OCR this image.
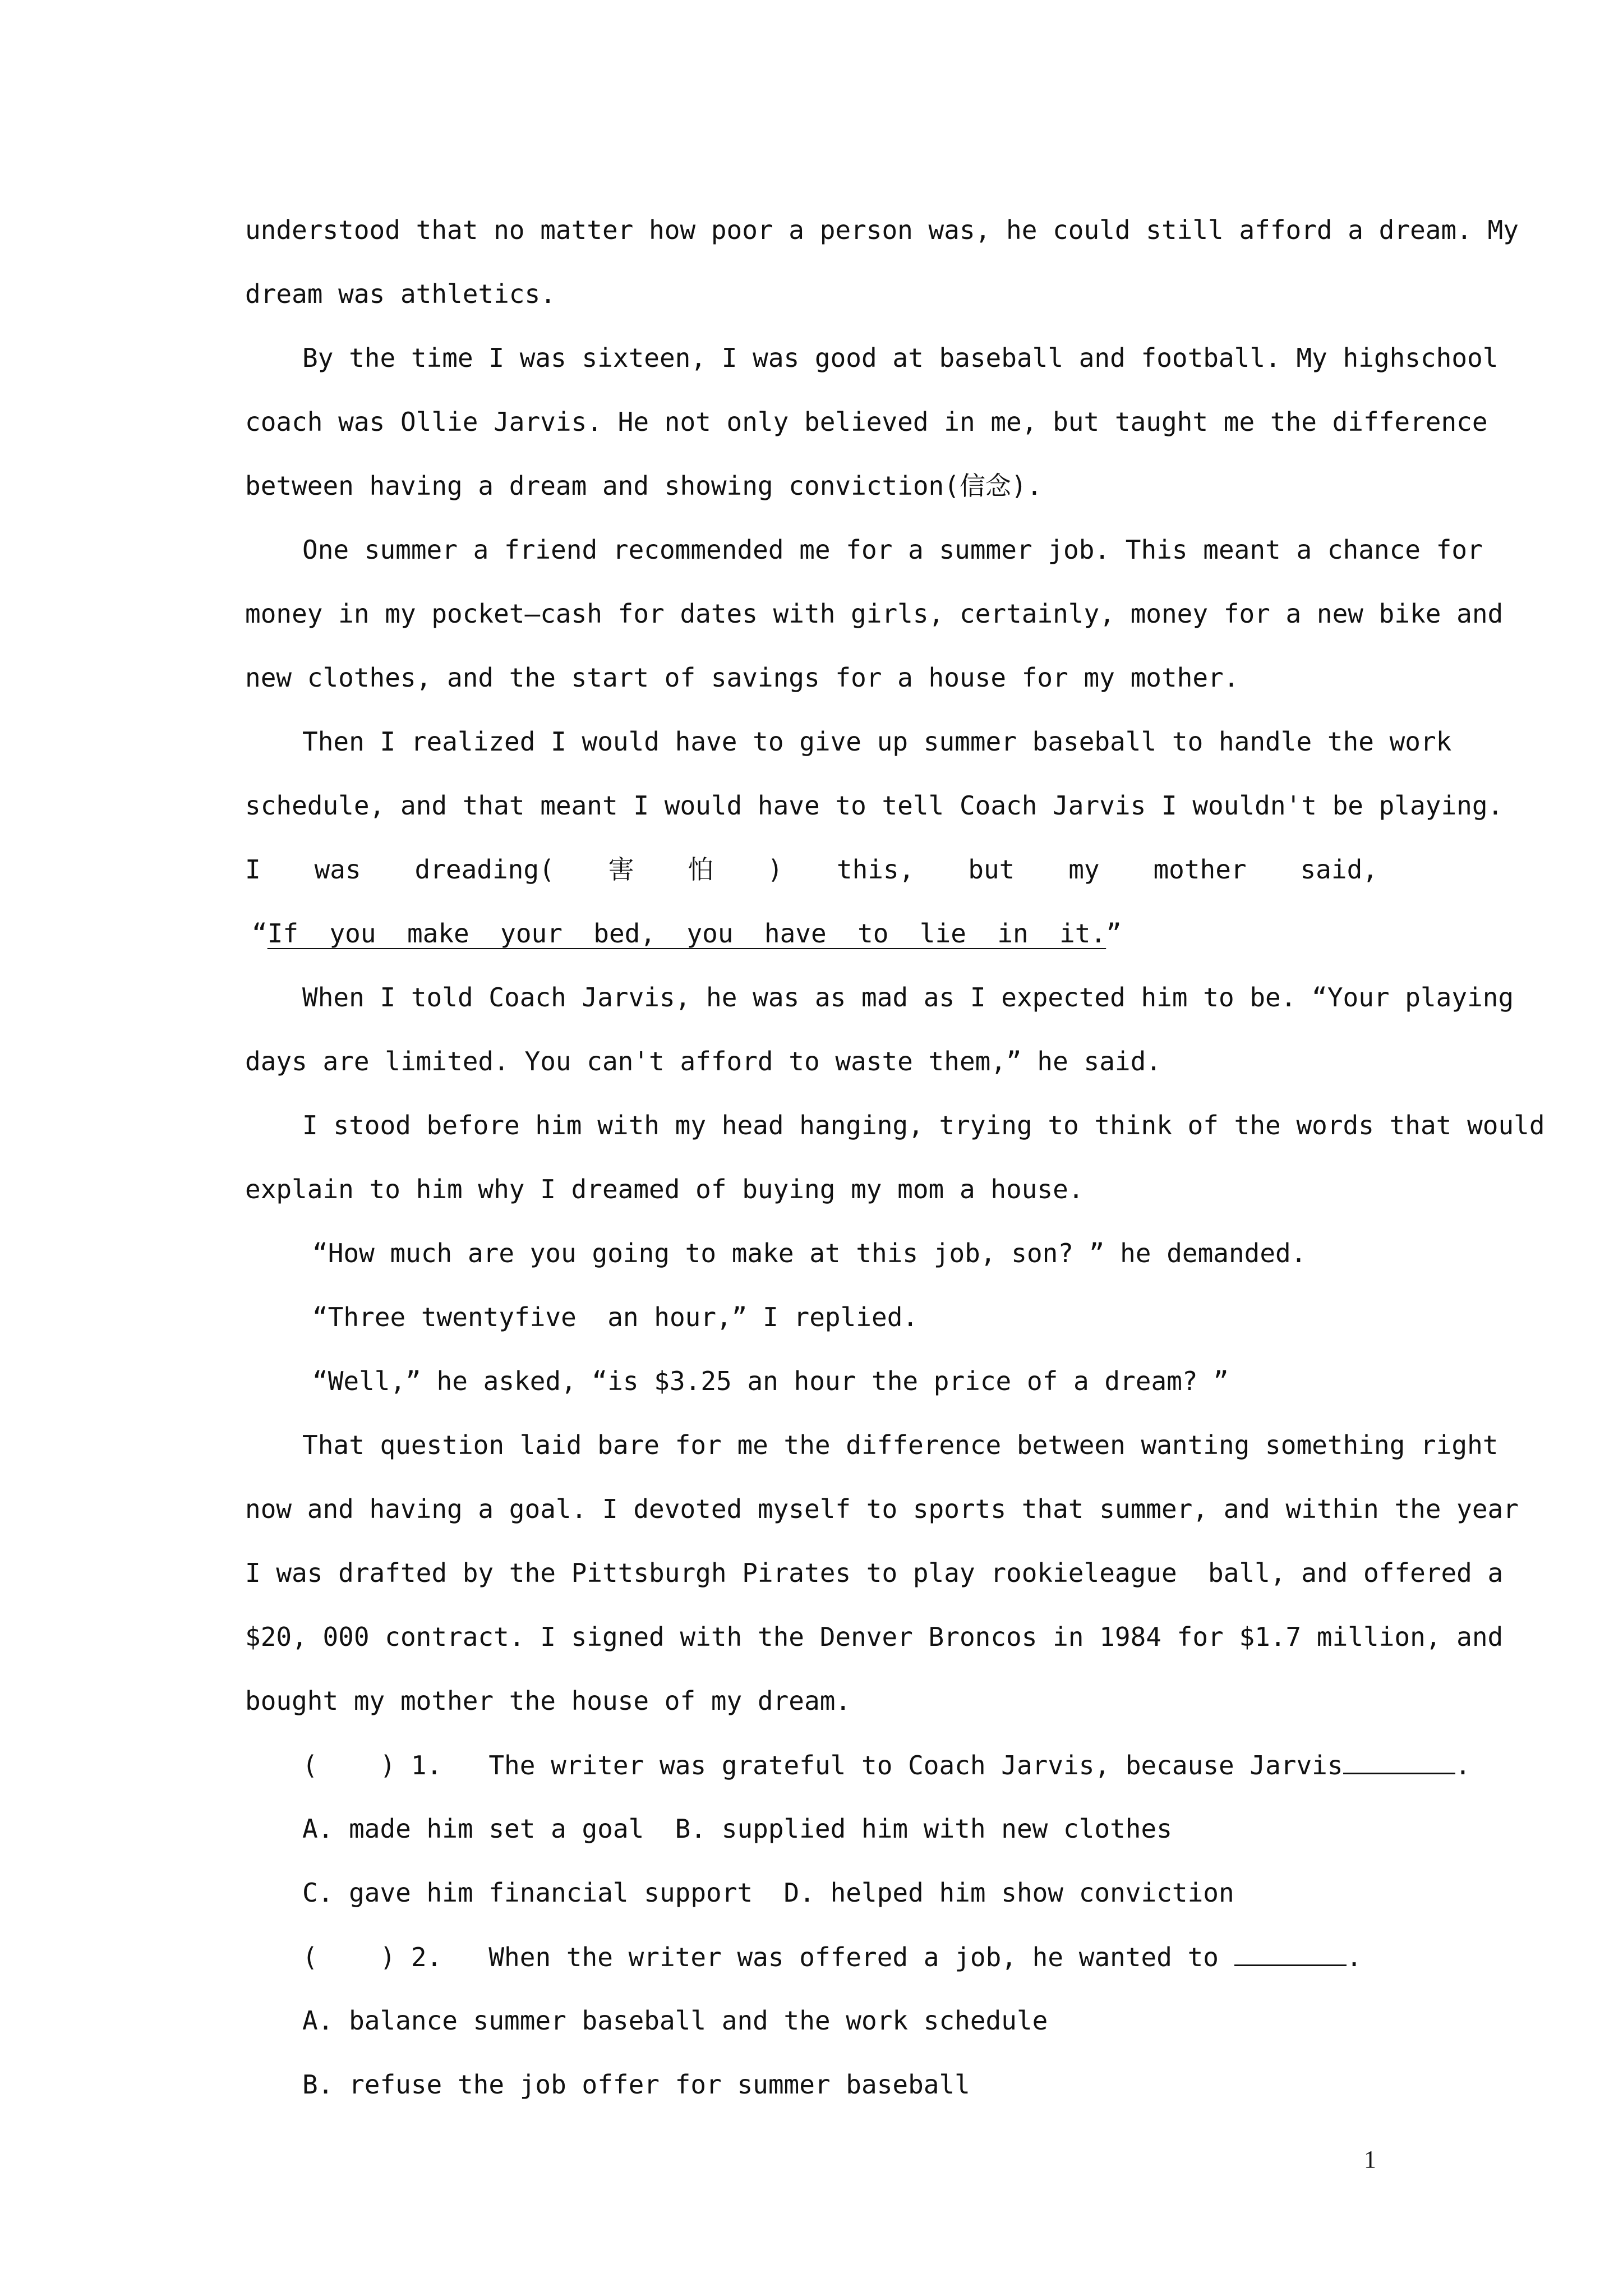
understood that no matter how poor a person was, he could still afford a dream. My
dream was athletics.
By the time I was sixteen, I was good at baseball and football. My highschool
coach was Ollie Jarvis. He not only believed in me, but taught me the difference
between having a dream and showing conviction(信念).
One summer a friend recommended me for a summer job. This meant a chance for
money in my pocket—cash for dates with girls, certainly, money for a new bike and
new clothes, and the start of savings for a house for my mother.
Then I realized I would have to give up summer baseball to handle the work
schedule, and that meant I would have to tell Coach Jarvis I wouldn't be playing.
I was dreading( 害 怕 ) this, but my mother said,
“If  you  make  your  bed,  you  have  to  lie  in  it.”
When I told Coach Jarvis, he was as mad as I expected him to be. “Your playing
days are limited. You can't afford to waste them,” he said.
I stood before him with my head hanging, trying to think of the words that would
explain to him why I dreamed of buying my mom a house.
“How much are you going to make at this job, son? ” he demanded.
“Three twentyfive  an hour,” I replied.
“Well,” he asked, “is $3.25 an hour the price of a dream? ”
That question laid bare for me the difference between wanting something right
now and having a goal. I devoted myself to sports that summer, and within the year
I was drafted by the Pittsburgh Pirates to play rookieleague  ball, and offered a
$20, 000 contract. I signed with the Denver Broncos in 1984 for $1.7 million, and
bought my mother the house of my dream.
(    ) 1. The writer was grateful to Coach Jarvis, because Jarvis	.
A. made him set a goal  B. supplied him with new clothes
C. gave him financial support  D. helped him show conviction
(    ) 2. When the writer was offered a job, he wanted to	.
A. balance summer baseball and the work schedule
B. refuse the job offer for summer baseball
1
